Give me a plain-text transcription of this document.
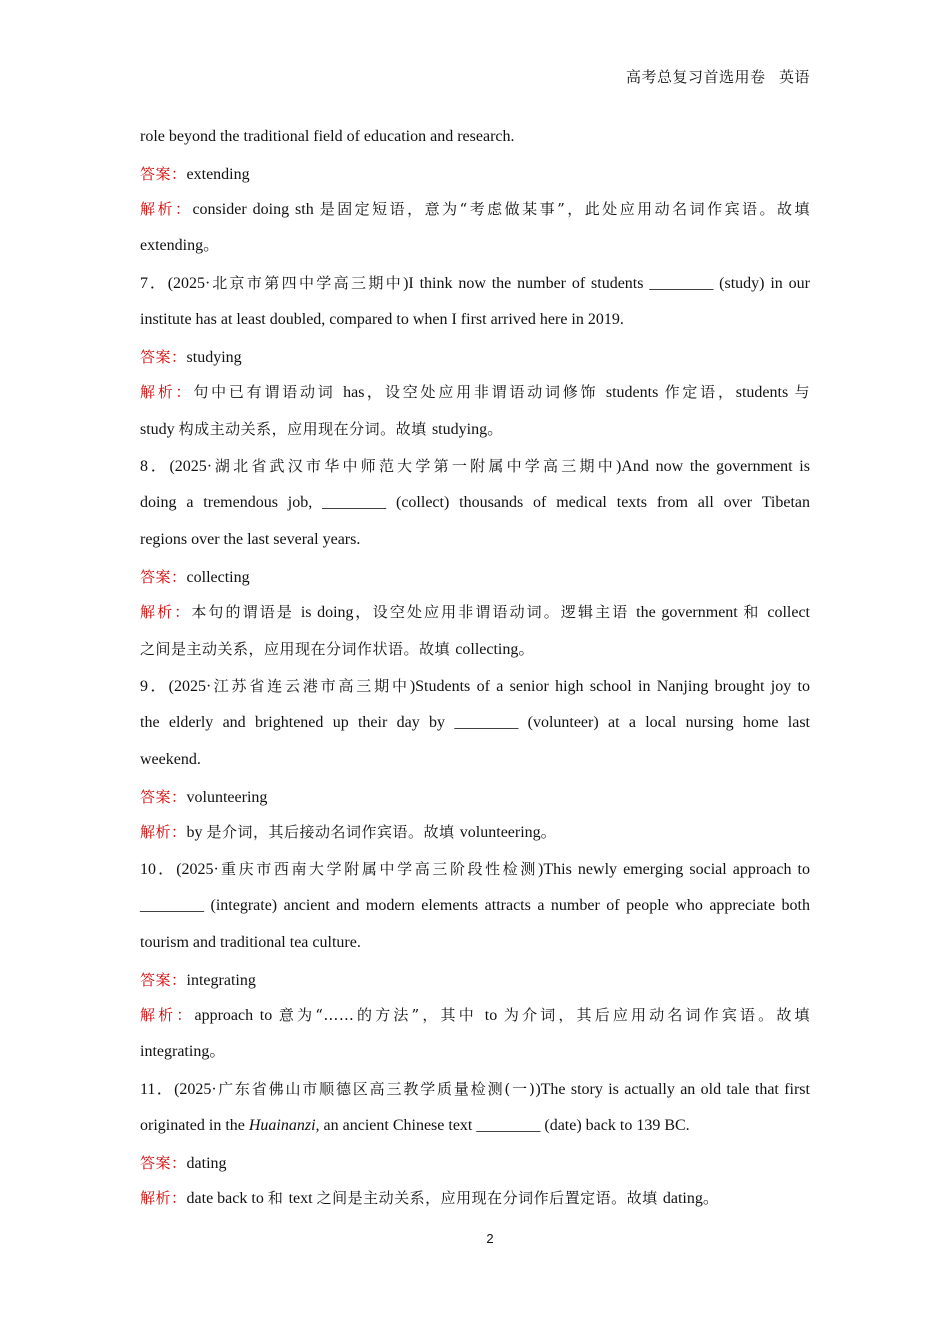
高考总复习首选用卷 英语
role beyond the traditional field of education and research.
答案：extending
解析：consider doing sth 是固定短语，意为“考虑做某事”，此处应用动名词作宾语。故填
extending。
7．(2025·北京市第四中学高三期中)I think now the number of students ________ (study) in our
institute has at least doubled, compared to when I first arrived here in 2019.
答案：studying
解析：句中已有谓语动词 has，设空处应用非谓语动词修饰 students 作定语，students 与
study 构成主动关系，应用现在分词。故填 studying。
8．(2025·湖北省武汉市华中师范大学第一附属中学高三期中)And now the government is
doing a tremendous job, ________ (collect) thousands of medical texts from all over Tibetan
regions over the last several years.
答案：collecting
解析：本句的谓语是 is doing，设空处应用非谓语动词。逻辑主语 the government 和 collect
之间是主动关系，应用现在分词作状语。故填 collecting。
9．(2025·江苏省连云港市高三期中)Students of a senior high school in Nanjing brought joy to
the elderly and brightened up their day by ________ (volunteer) at a local nursing home last
weekend.
答案：volunteering
解析：by 是介词，其后接动名词作宾语。故填 volunteering。
10．(2025·重庆市西南大学附属中学高三阶段性检测)This newly emerging social approach to
________ (integrate) ancient and modern elements attracts a number of people who appreciate both
tourism and traditional tea culture.
答案：integrating
解析：approach to 意为“……的方法”，其中 to 为介词，其后应用动名词作宾语。故填
integrating。
11．(2025·广东省佛山市顺德区高三教学质量检测(一))The story is actually an old tale that first
originated in the Huainanzi, an ancient Chinese text ________ (date) back to 139 BC.
答案：dating
解析：date back to 和 text 之间是主动关系，应用现在分词作后置定语。故填 dating。
2
